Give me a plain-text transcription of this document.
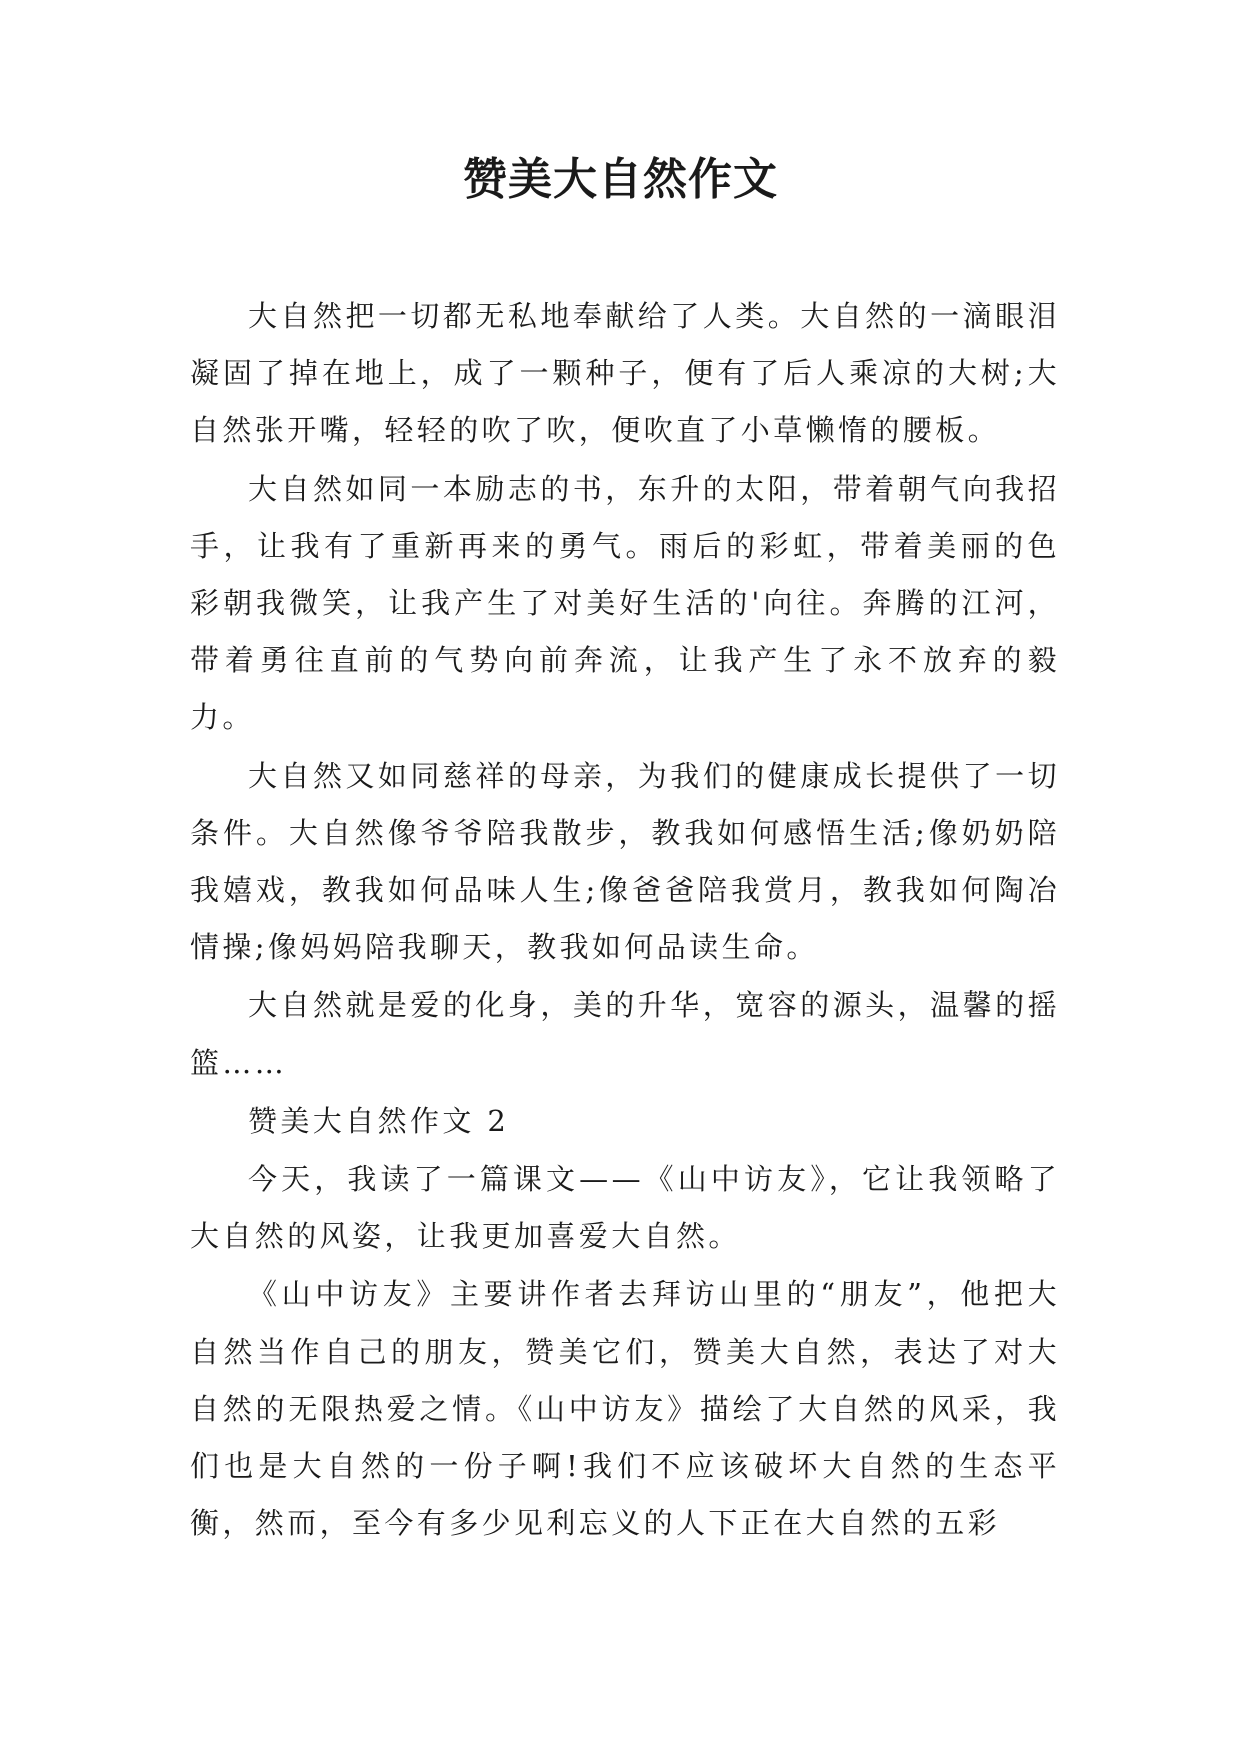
赞美大自然作文

大自然把一切都无私地奉献给了人类。大自然的一滴眼泪凝固了掉在地上，成了一颗种子，便有了后人乘凉的大树;大自然张开嘴，轻轻的吹了吹，便吹直了小草懒惰的腰板。

大自然如同一本励志的书，东升的太阳，带着朝气向我招手，让我有了重新再来的勇气。雨后的彩虹，带着美丽的色彩朝我微笑，让我产生了对美好生活的'向往。奔腾的江河，带着勇往直前的气势向前奔流，让我产生了永不放弃的毅力。

大自然又如同慈祥的母亲，为我们的健康成长提供了一切条件。大自然像爷爷陪我散步，教我如何感悟生活;像奶奶陪我嬉戏，教我如何品味人生;像爸爸陪我赏月，教我如何陶冶情操;像妈妈陪我聊天，教我如何品读生命。

大自然就是爱的化身，美的升华，宽容的源头，温馨的摇篮……

赞美大自然作文 2

今天，我读了一篇课文——《山中访友》，它让我领略了大自然的风姿，让我更加喜爱大自然。

《山中访友》主要讲作者去拜访山里的“朋友”，他把大自然当作自己的朋友，赞美它们，赞美大自然，表达了对大自然的无限热爱之情。《山中访友》描绘了大自然的风采，我们也是大自然的一份子啊!我们不应该破坏大自然的生态平衡，然而，至今有多少见利忘义的人下正在大自然的五彩
